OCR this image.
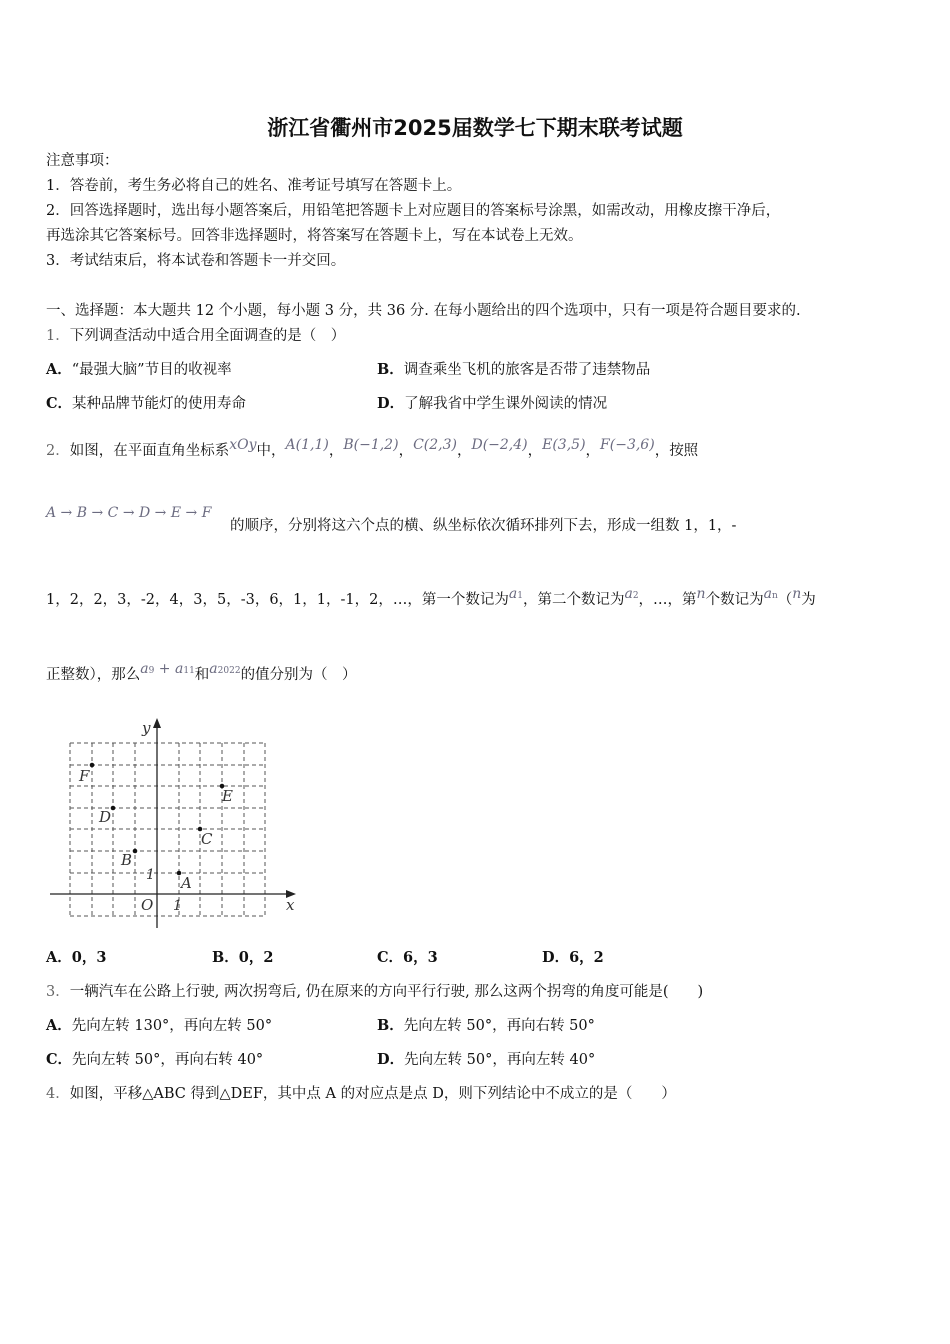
浙江省衢州市2025届数学七下期末联考试题
注意事项：
1．答卷前，考生务必将自己的姓名、准考证号填写在答题卡上。
2．回答选择题时，选出每小题答案后，用铅笔把答题卡上对应题目的答案标号涂黑，如需改动，用橡皮擦干净后，
再选涂其它答案标号。回答非选择题时，将答案写在答题卡上，写在本试卷上无效。
3．考试结束后，将本试卷和答题卡一并交回。
一、选择题：本大题共 12 个小题，每小题 3 分，共 36 分. 在每小题给出的四个选项中，只有一项是符合题目要求的.
1．下列调查活动中适合用全面调查的是（　）
A．“最强大脑”节目的收视率	B．调查乘坐飞机的旅客是否带了违禁物品
C．某种品牌节能灯的使用寿命	D．了解我省中学生课外阅读的情况
2．如图，在平面直角坐标系xOy中，A(1,1)，B(−1,2)，C(2,3)，D(−2,4)，E(3,5)，F(−3,6)，按照
A → B → C → D → E → F
的顺序，分别将这六个点的横、纵坐标依次循环排列下去，形成一组数 1，1，-
1，2，2，3，-2，4，3，5，-3，6，1，1，-1，2，…，第一个数记为a1，第二个数记为a2，…，第n个数记为an（n为
正整数），那么a9 + a11和a2022的值分别为（　）
x
y
O 1
1 A
B
C
D
E
F
A．0，3	B．0，2	C．6，3	D．6，2
3．一辆汽车在公路上行驶, 两次拐弯后, 仍在原来的方向平行行驶, 那么这两个拐弯的角度可能是(　　)
A．先向左转 130°，再向左转 50°	B．先向左转 50°，再向右转 50°
C．先向左转 50°，再向右转 40°	D．先向左转 50°，再向左转 40°
4．如图，平移△ABC 得到△DEF，其中点 A 的对应点是点 D，则下列结论中不成立的是（　　）
